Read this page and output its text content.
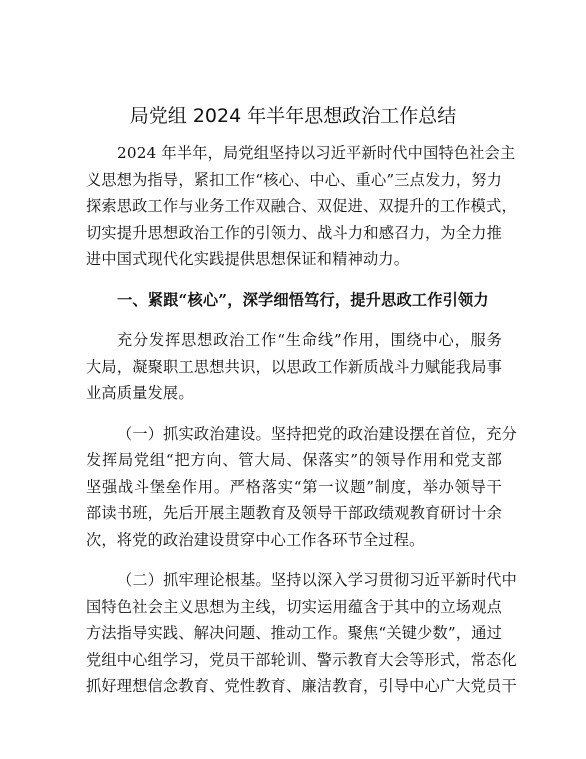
局党组 2024 年半年思想政治工作总结
2024 年半年，局党组坚持以习近平新时代中国特色社会主
义思想为指导，紧扣工作“核心、中心、重心”三点发力，努力
探索思政工作与业务工作双融合、双促进、双提升的工作模式，
切实提升思想政治工作的引领力、战斗力和感召力，为全力推
进中国式现代化实践提供思想保证和精神动力。
一、紧跟“核心”，深学细悟笃行，提升思政工作引领力
充分发挥思想政治工作“生命线”作用，围绕中心，服务
大局，凝聚职工思想共识，以思政工作新质战斗力赋能我局事
业高质量发展。
（一）抓实政治建设。坚持把党的政治建设摆在首位，充分
发挥局党组“把方向、管大局、保落实”的领导作用和党支部
坚强战斗堡垒作用。严格落实“第一议题”制度，举办领导干
部读书班，先后开展主题教育及领导干部政绩观教育研讨十余
次，将党的政治建设贯穿中心工作各环节全过程。
（二）抓牢理论根基。坚持以深入学习贯彻习近平新时代中
国特色社会主义思想为主线，切实运用蕴含于其中的立场观点
方法指导实践、解决问题、推动工作。聚焦“关键少数”，通过
党组中心组学习，党员干部轮训、警示教育大会等形式，常态化
抓好理想信念教育、党性教育、廉洁教育，引导中心广大党员干
